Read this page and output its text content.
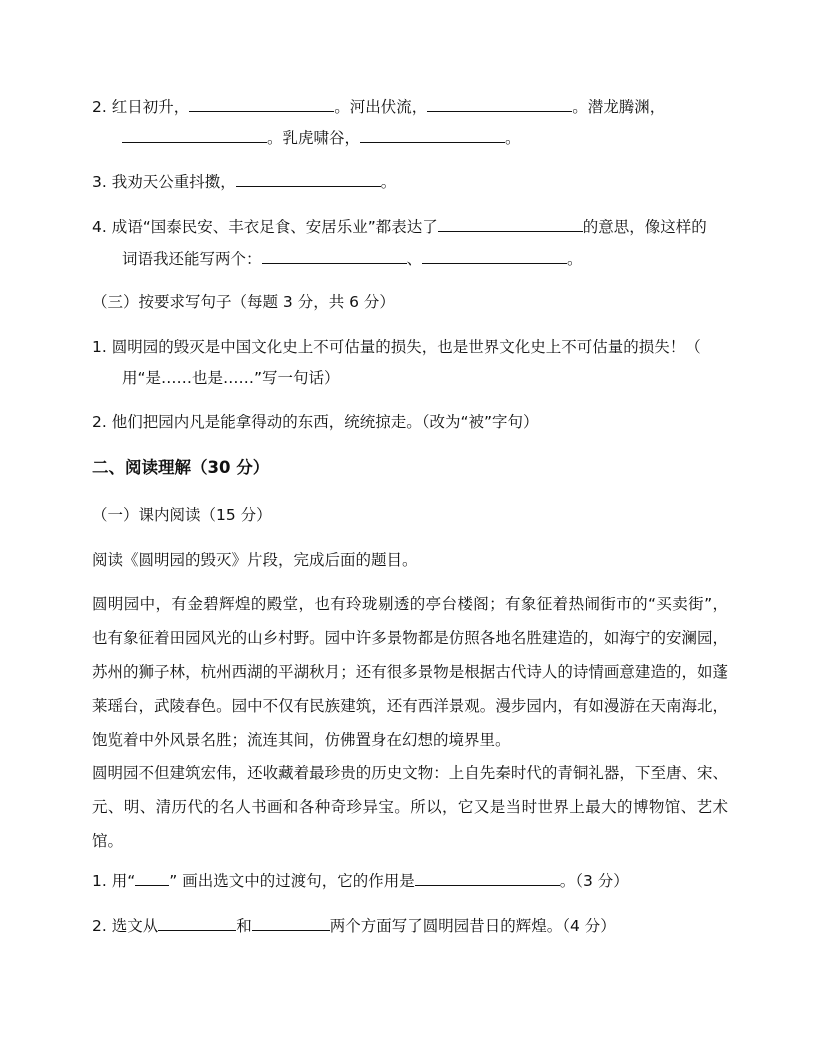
2. 红日初升，	。河出伏流，	。潜龙腾渊，
。乳虎啸谷，	。
3. 我劝天公重抖擞，	。
4. 成语“国泰民安、丰衣足食、安居乐业”都表达了	的意思，像这样的
词语我还能写两个：	、	。
（三）按要求写句子（每题 3 分，共 6 分）
1. 圆明园的毁灭是中国文化史上不可估量的损失，也是世界文化史上不可估量的损失！（
用“是……也是……”写一句话）
2. 他们把园内凡是能拿得动的东西，统统掠走。（改为“被”字句）
二、阅读理解（30 分）
（一）课内阅读（15 分）
阅读《圆明园的毁灭》片段，完成后面的题目。
圆明园中，有金碧辉煌的殿堂，也有玲珑剔透的亭台楼阁；有象征着热闹街市的“买卖街”，也有象征着田园风光的山乡村野。园中许多景物都是仿照各地名胜建造的，如海宁的安澜园，苏州的狮子林，杭州西湖的平湖秋月；还有很多景物是根据古代诗人的诗情画意建造的，如蓬莱瑶台，武陵春色。园中不仅有民族建筑，还有西洋景观。漫步园内，有如漫游在天南海北，饱览着中外风景名胜；流连其间，仿佛置身在幻想的境界里。
圆明园不但建筑宏伟，还收藏着最珍贵的历史文物：上自先秦时代的青铜礼器，下至唐、宋、元、明、清历代的名人书画和各种奇珍异宝。所以，它又是当时世界上最大的博物馆、艺术馆。
1. 用“ ” 画出选文中的过渡句，它的作用是	。（3 分）
2. 选文从	和	两个方面写了圆明园昔日的辉煌。（4 分）
